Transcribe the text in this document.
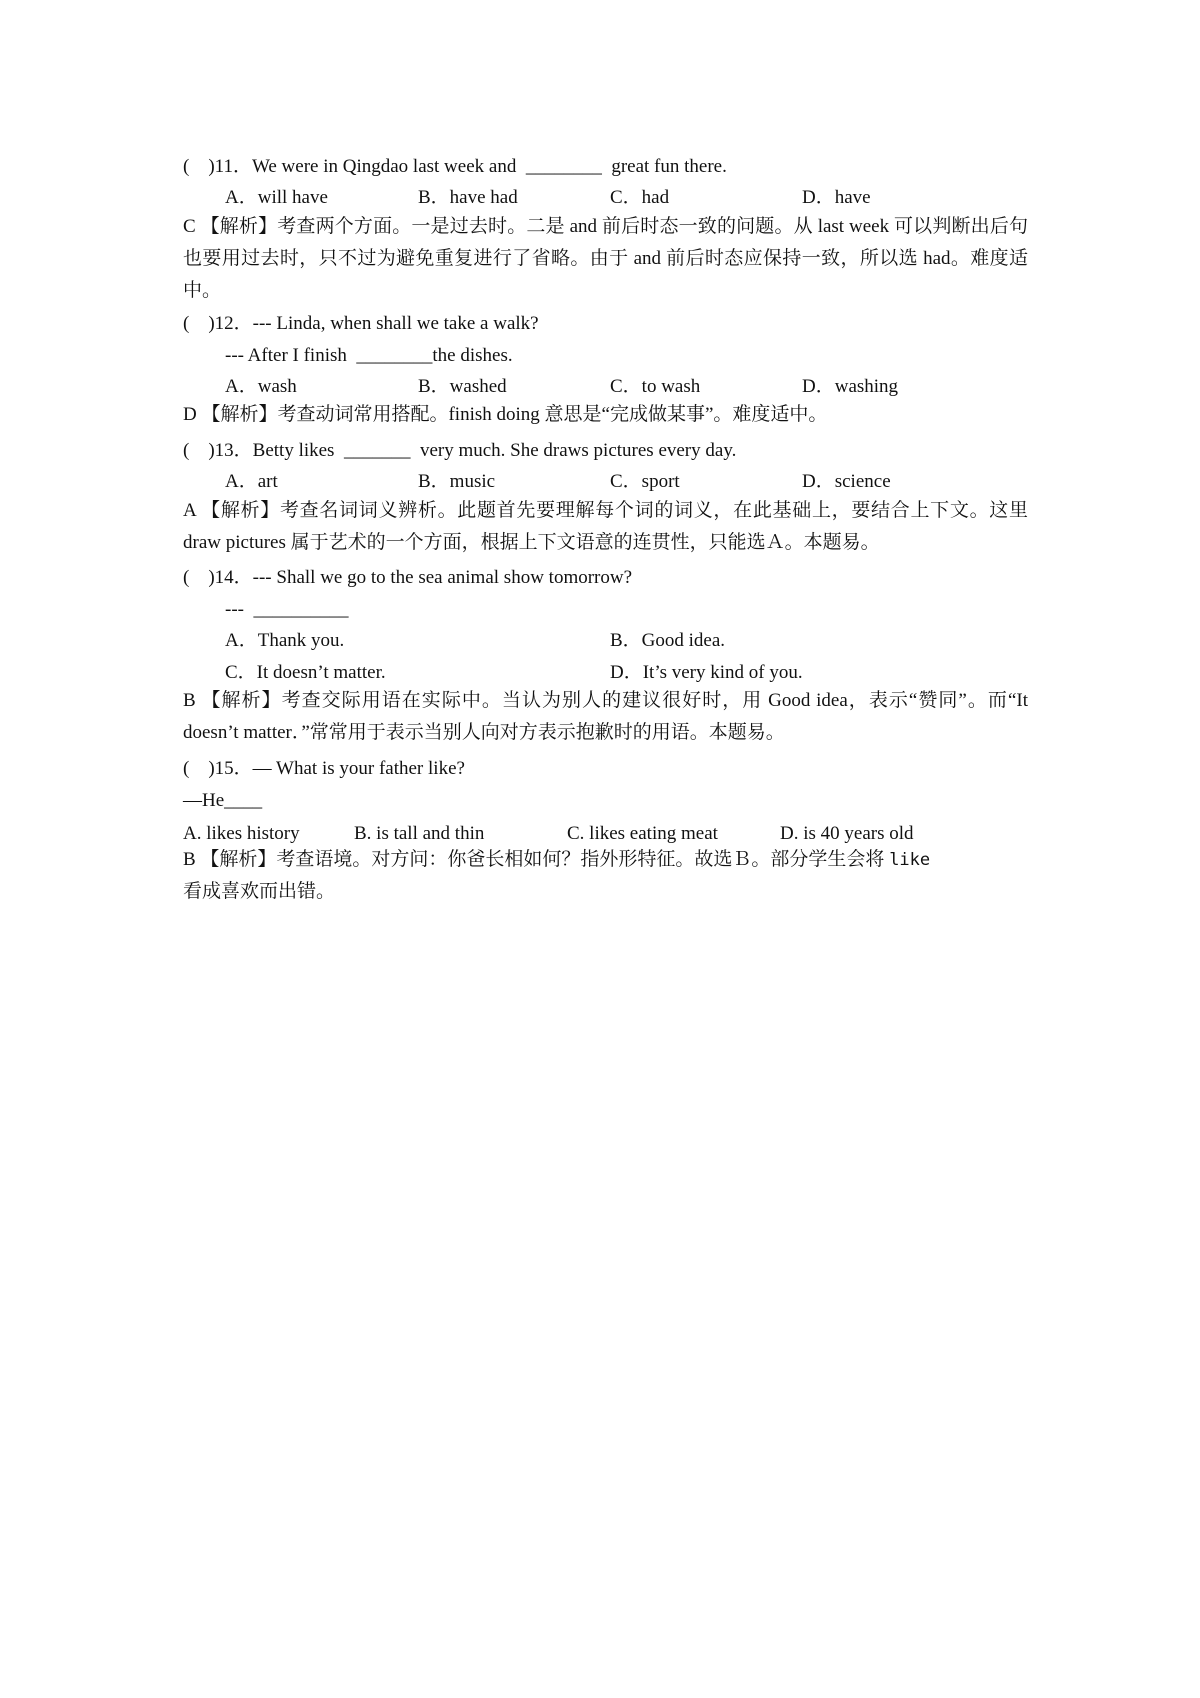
(    )11．We were in Qingdao last week and  ________  great fun there.
A．will have	B．have had	C．had	D．have
C 【解析】考查两个方面。一是过去时。二是 and 前后时态一致的问题。从 last week 可以判断出后句也要用过去时，只不过为避免重复进行了省略。由于 and 前后时态应保持一致，所以选 had。难度适中。
(    )12．--- Linda, when shall we take a walk?
--- After I finish  ________the dishes.
A．wash	B．washed	C．to wash	D．washing
D 【解析】考查动词常用搭配。finish doing 意思是“完成做某事”。难度适中。
(    )13．Betty likes  _______  very much. She draws pictures every day.
A．art	B．music	C．sport	D．science
A 【解析】考查名词词义辨析。此题首先要理解每个词的词义，在此基础上，要结合上下文。这里 draw pictures 属于艺术的一个方面，根据上下文语意的连贯性，只能选Ａ。本题易。
(    )14．--- Shall we go to the sea animal show tomorrow?
---  __________
A．Thank you.	B．Good idea.
C．It doesn’t matter.	D．It’s very kind of you.
B 【解析】考查交际用语在实际中。当认为别人的建议很好时，用 Good idea，表示“赞同”。而“It doesn’t matter．”常常用于表示当别人向对方表示抱歉时的用语。本题易。
(    )15．— What is your father like?
—He____
A. likes history	B. is tall and thin	C. likes eating meat	D. is 40 years old
B 【解析】考查语境。对方问：你爸长相如何？指外形特征。故选Ｂ。部分学生会将 like
看成喜欢而出错。
